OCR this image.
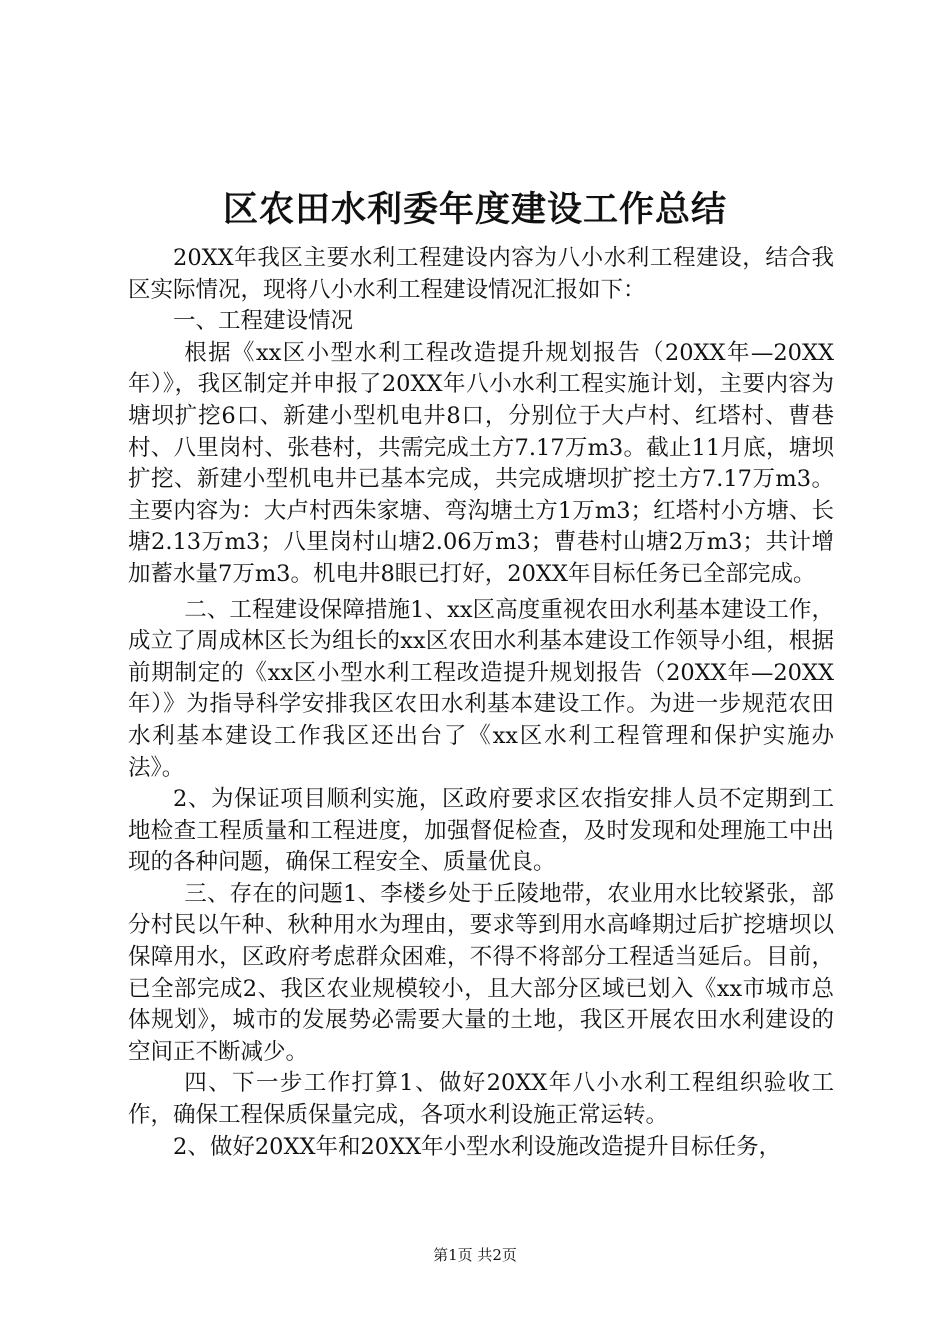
区农田水利委年度建设工作总结

20XX年我区主要水利工程建设内容为八小水利工程建设，结合我区实际情况，现将八小水利工程建设情况汇报如下：

一、工程建设情况

根据《xx区小型水利工程改造提升规划报告（20XX年—20XX年）》，我区制定并申报了20XX年八小水利工程实施计划，主要内容为塘坝扩挖6口、新建小型机电井8口，分别位于大卢村、红塔村、曹巷村、八里岗村、张巷村，共需完成土方7.17万m3。截止11月底，塘坝扩挖、新建小型机电井已基本完成，共完成塘坝扩挖土方7.17万m3。主要内容为：大卢村西朱家塘、弯沟塘土方1万m3；红塔村小方塘、长塘2.13万m3；八里岗村山塘2.06万m3；曹巷村山塘2万m3；共计增加蓄水量7万m3。机电井8眼已打好，20XX年目标任务已全部完成。

二、工程建设保障措施1、xx区高度重视农田水利基本建设工作，成立了周成林区长为组长的xx区农田水利基本建设工作领导小组，根据前期制定的《xx区小型水利工程改造提升规划报告（20XX年—20XX年）》为指导科学安排我区农田水利基本建设工作。为进一步规范农田水利基本建设工作我区还出台了《xx区水利工程管理和保护实施办法》。

2、为保证项目顺利实施，区政府要求区农指安排人员不定期到工地检查工程质量和工程进度，加强督促检查，及时发现和处理施工中出现的各种问题，确保工程安全、质量优良。

三、存在的问题1、李楼乡处于丘陵地带，农业用水比较紧张，部分村民以午种、秋种用水为理由，要求等到用水高峰期过后扩挖塘坝以保障用水，区政府考虑群众困难，不得不将部分工程适当延后。目前，已全部完成2、我区农业规模较小，且大部分区域已划入《xx市城市总体规划》，城市的发展势必需要大量的土地，我区开展农田水利建设的空间正不断减少。

四、下一步工作打算1、做好20XX年八小水利工程组织验收工作，确保工程保质保量完成，各项水利设施正常运转。

2、做好20XX年和20XX年小型水利设施改造提升目标任务，

第1页 共2页
